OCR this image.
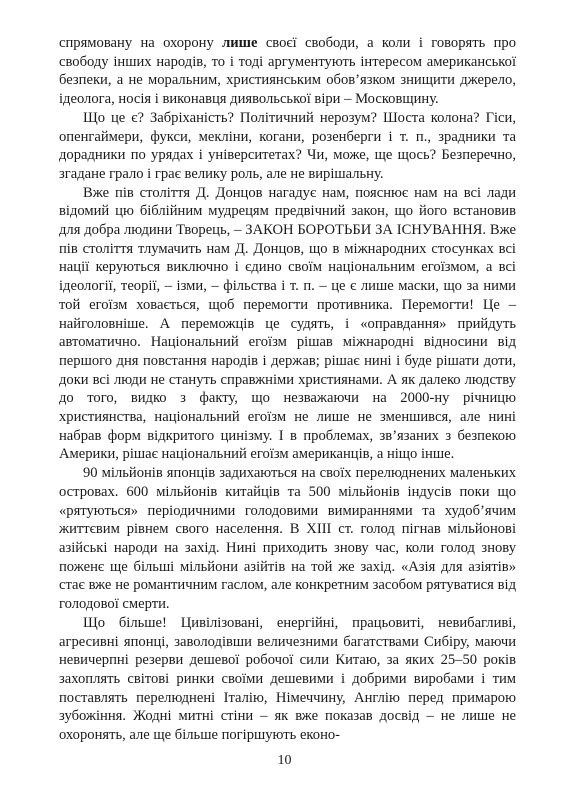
спрямовану на охорону лише своєї свободи, а коли і говорять про свободу інших народів, то і тоді аргументують інтересом американської безпеки, а не моральним, християнським обов’язком знищити джерело, ідеолога, носія і виконавця диявольської віри – Московщину.

Що це є? Забріханість? Політичний нерозум? Шоста колона? Гіси, опенгаймери, фукси, мекліни, когани, розенберги і т. п., зрадники та дорадники по урядах і університетах? Чи, може, ще щось? Безперечно, згадане грало і грає велику роль, але не вирішальну.

Вже пів століття Д. Донцов нагадує нам, пояснює нам на всі лади відомий цю біблійним мудрецям предвічний закон, що його встановив для добра людини Творець, – ЗАКОН БОРОТЬБИ ЗА ІСНУВАННЯ. Вже пів століття тлумачить нам Д. Донцов, що в міжнародних стосунках всі нації керуються виключно і єдино своїм національним егоїзмом, а всі ідеології, теорії, – ізми, – фільства і т. п. – це є лише маски, що за ними той егоїзм ховається, щоб перемогти противника. Перемогти! Це – найголовніше. А переможців це судять, і «оправдання» прийдуть автоматично. Національний егоїзм рішав міжнародні відносини від першого дня повстання народів і держав; рішає нині і буде рішати доти, доки всі люди не стануть справжніми християнами. А як далеко людству до того, видко з факту, що незважаючи на 2000-ну річницю християнства, національний егоїзм не лише не зменшився, але нині набрав форм відкритого цинізму. І в проблемах, зв’язаних з безпекою Америки, рішає національний егоїзм американців, а ніщо інше.

90 мільйонів японців задихаються на своїх перелюднених маленьких островах. 600 мільйонів китайців та 500 мільйонів індусів поки що «рятуються» періодичними голодовими вимираннями та худоб’ячим життєвим рівнем свого населення. В XIII ст. голод пігнав мільйонові азійські народи на захід. Нині приходить знову час, коли голод знову поженє ще більші мільйони азійтів на той же захід. «Азія для азіятів» стає вже не романтичним гаслом, але конкретним засобом рятуватися від голодової смерти.

Що більше! Цивілізовані, енергійні, працьовиті, невибагливі, агресивні японці, заволодівши величезними багатствами Сибіру, маючи невичерпні резерви дешевої робочої сили Китаю, за яких 25–50 років захоплять світові ринки своїми дешевими і добрими виробами і тим поставлять перелюднені Італію, Німеччину, Англію перед примарою зубожіння. Жодні митні стіни – як вже показав досвід – не лише не охоронять, але ще більше погіршують еконо-

10
